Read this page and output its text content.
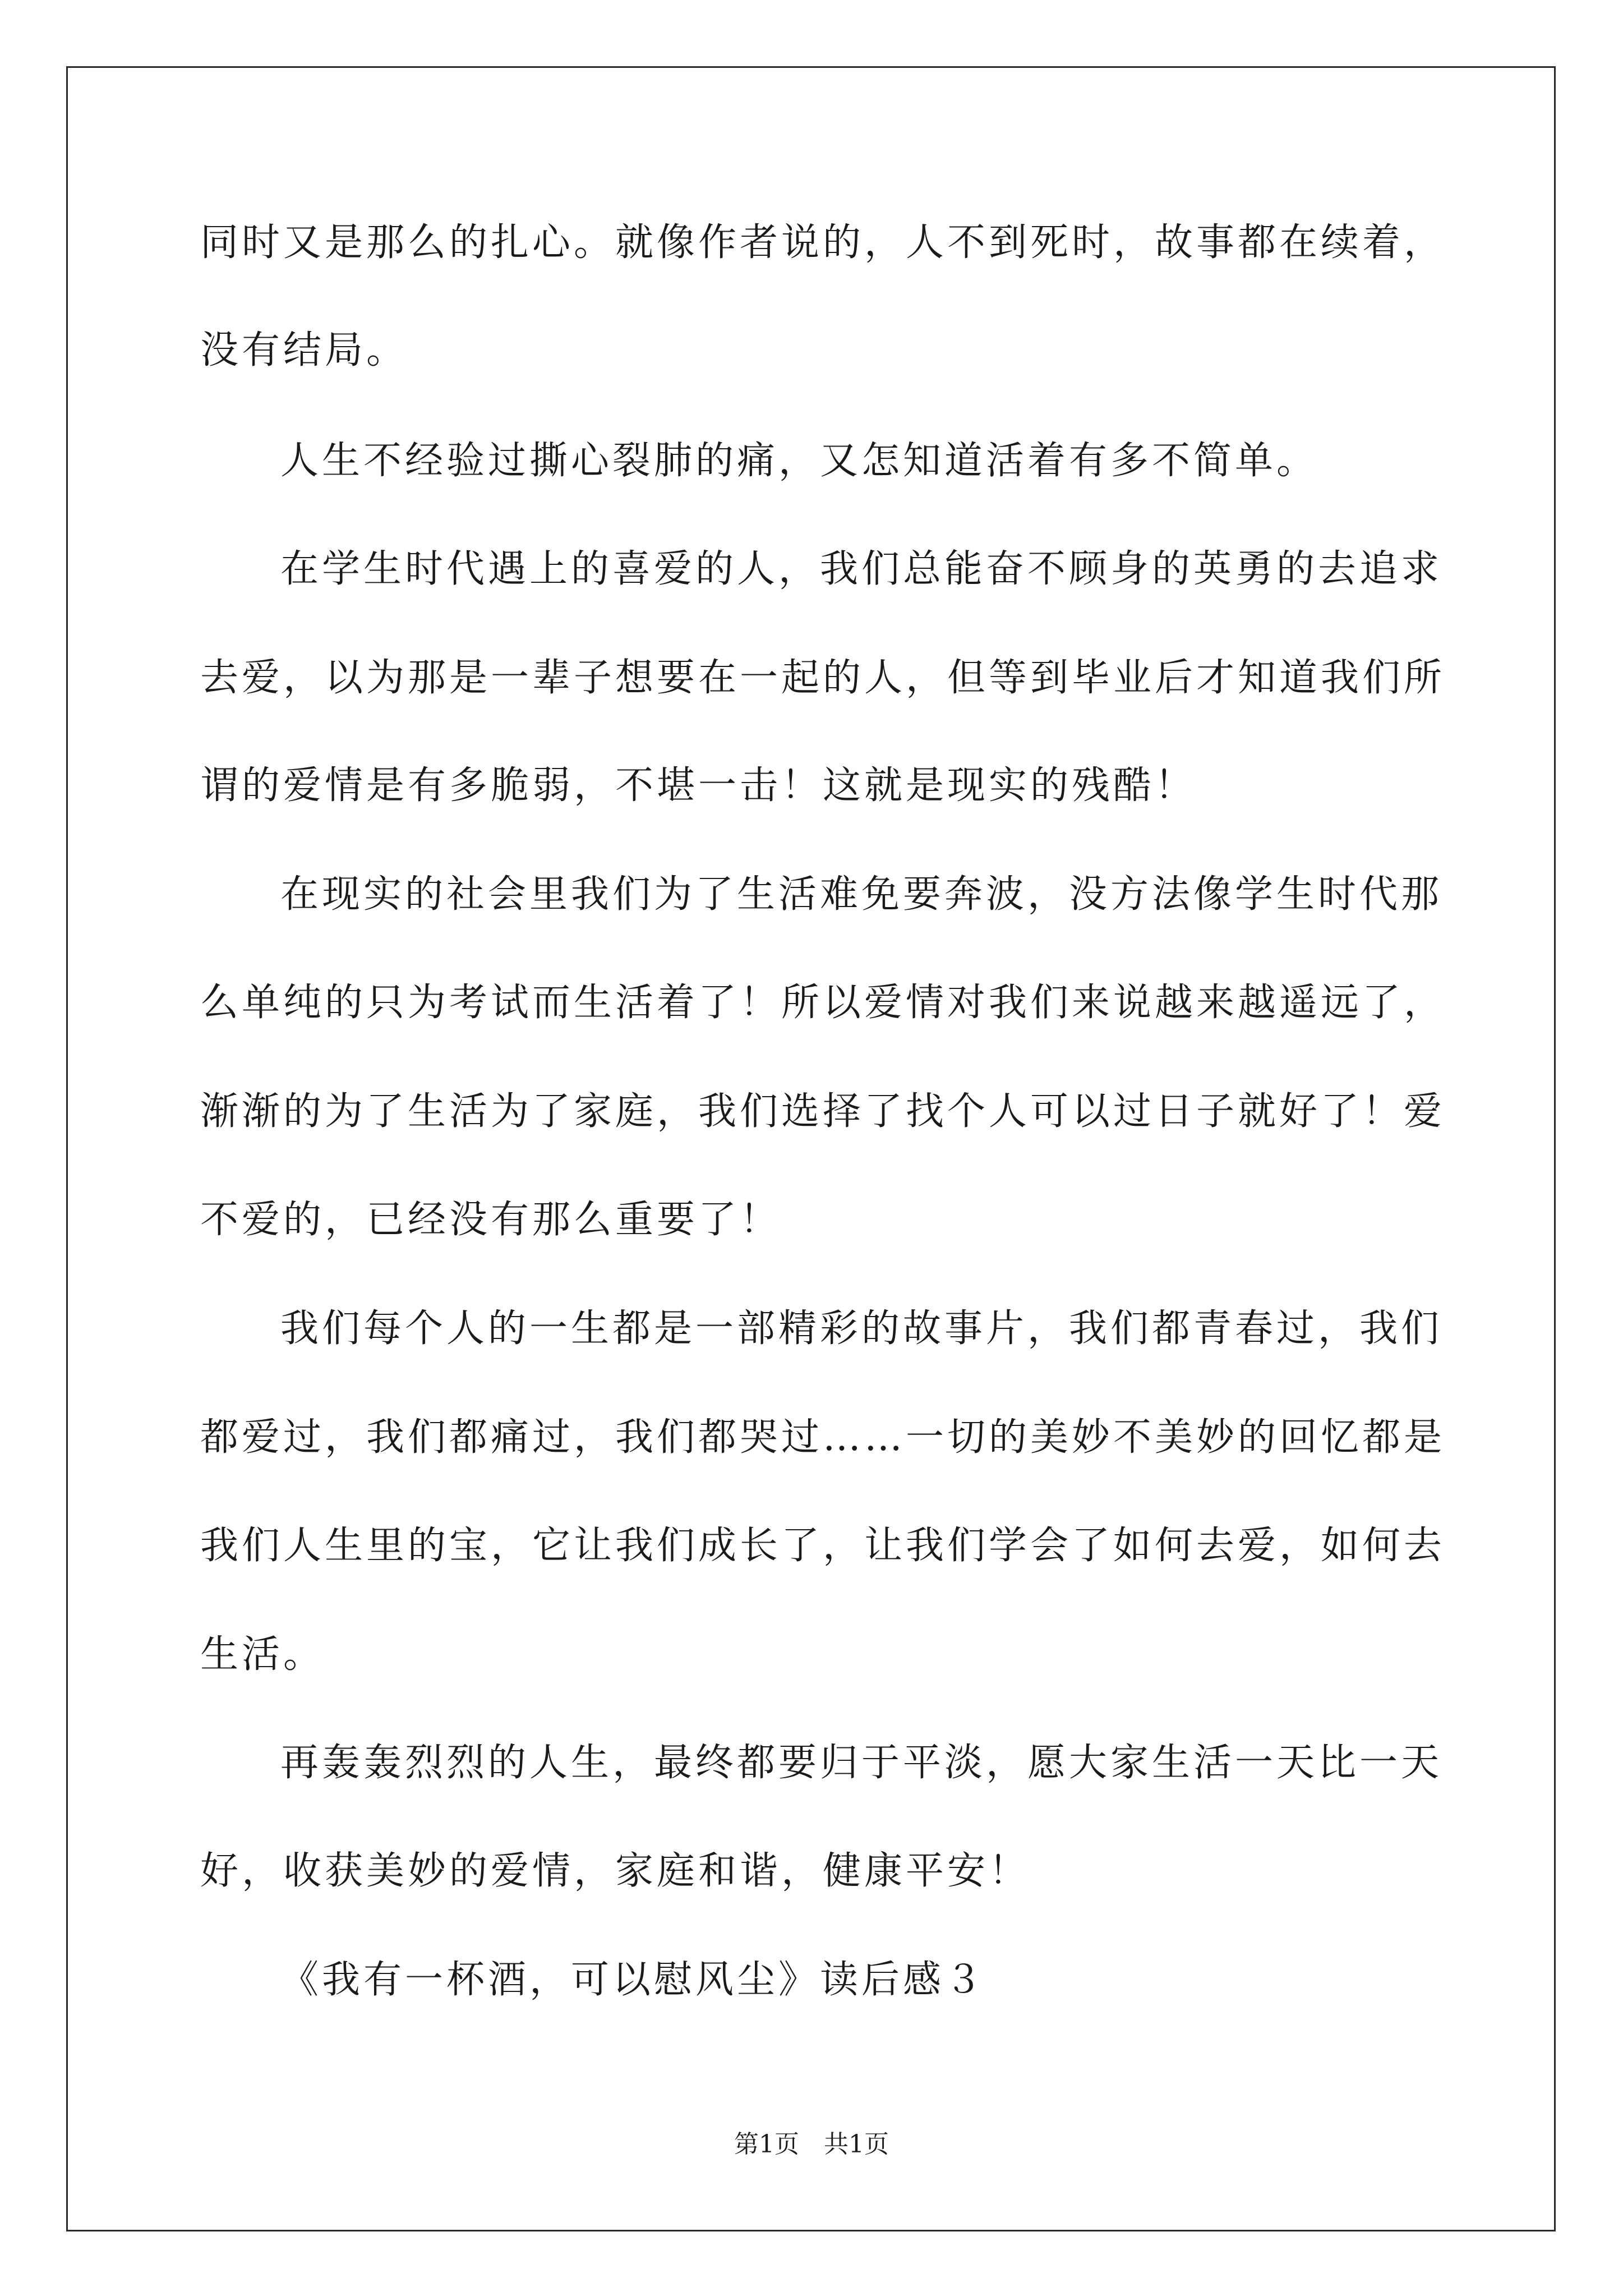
同时又是那么的扎心。就像作者说的，人不到死时，故事都在续着，

没有结局。

人生不经验过撕心裂肺的痛，又怎知道活着有多不简单。

在学生时代遇上的喜爱的人，我们总能奋不顾身的英勇的去追求

去爱，以为那是一辈子想要在一起的人，但等到毕业后才知道我们所

谓的爱情是有多脆弱，不堪一击！这就是现实的残酷！

在现实的社会里我们为了生活难免要奔波，没方法像学生时代那

么单纯的只为考试而生活着了！所以爱情对我们来说越来越遥远了，

渐渐的为了生活为了家庭，我们选择了找个人可以过日子就好了！爱

不爱的，已经没有那么重要了！

我们每个人的一生都是一部精彩的故事片，我们都青春过，我们

都爱过，我们都痛过，我们都哭过……一切的美妙不美妙的回忆都是

我们人生里的宝，它让我们成长了，让我们学会了如何去爱，如何去

生活。

再轰轰烈烈的人生，最终都要归于平淡，愿大家生活一天比一天

好，收获美妙的爱情，家庭和谐，健康平安！

《我有一杯酒，可以慰风尘》读后感３

第1页　共1页
